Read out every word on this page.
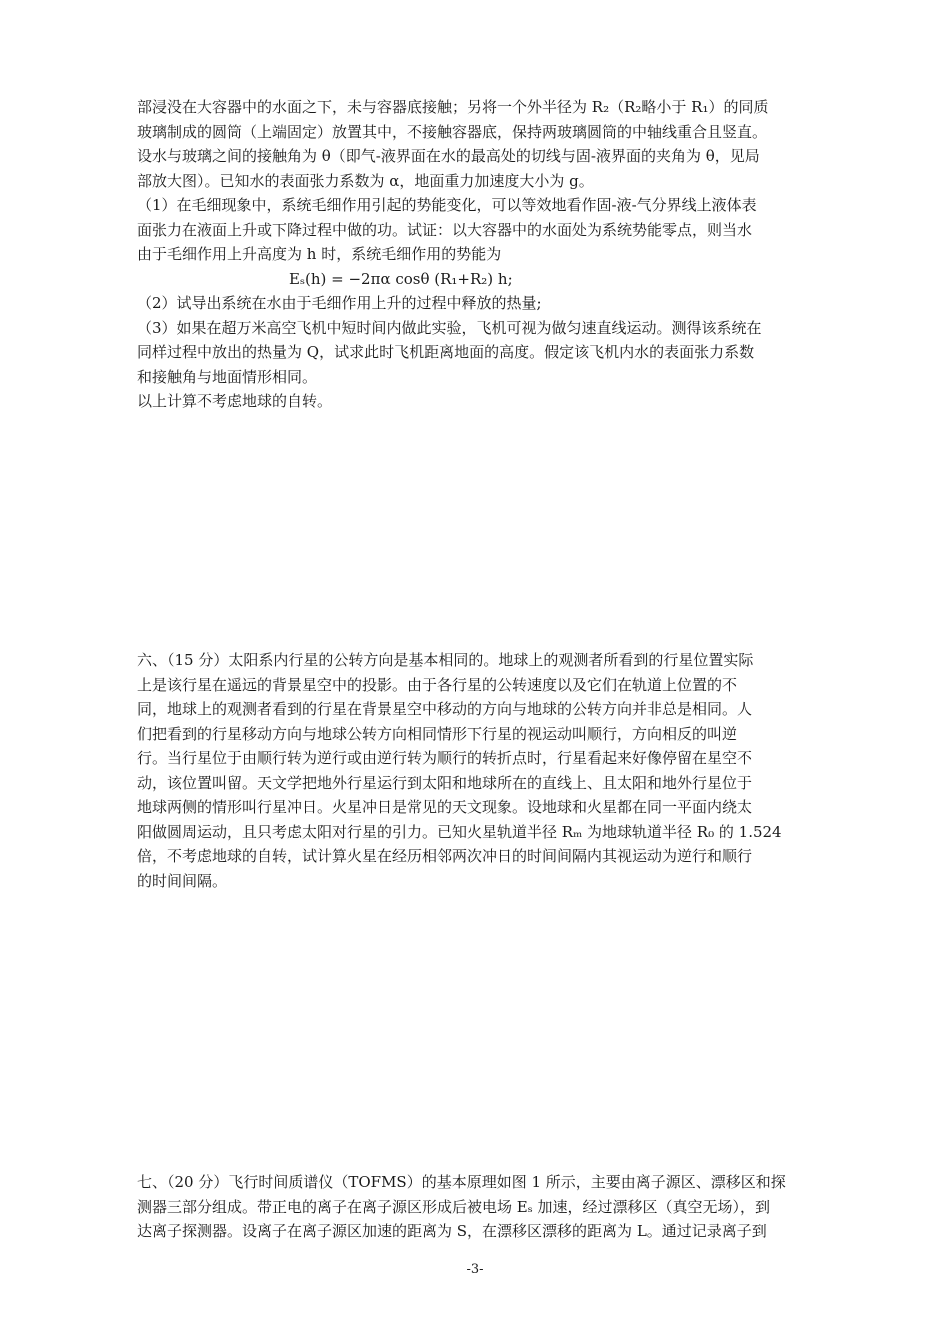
部浸没在大容器中的水面之下，未与容器底接触；另将一个外半径为 R₂（R₂略小于 R₁）的同质
玻璃制成的圆筒（上端固定）放置其中，不接触容器底，保持两玻璃圆筒的中轴线重合且竖直。
设水与玻璃之间的接触角为 θ（即气-液界面在水的最高处的切线与固-液界面的夹角为 θ，见局
部放大图）。已知水的表面张力系数为 α，地面重力加速度大小为 g。
（1）在毛细现象中，系统毛细作用引起的势能变化，可以等效地看作固-液-气分界线上液体表
面张力在液面上升或下降过程中做的功。试证：以大容器中的水面处为系统势能零点，则当水
由于毛细作用上升高度为 h 时，系统毛细作用的势能为
Eₛ(h) = −2πα cosθ (R₁+R₂) h;
（2）试导出系统在水由于毛细作用上升的过程中释放的热量;
（3）如果在超万米高空飞机中短时间内做此实验，飞机可视为做匀速直线运动。测得该系统在
同样过程中放出的热量为 Q，试求此时飞机距离地面的高度。假定该飞机内水的表面张力系数
和接触角与地面情形相同。
以上计算不考虑地球的自转。
六、（15 分）太阳系内行星的公转方向是基本相同的。地球上的观测者所看到的行星位置实际
上是该行星在遥远的背景星空中的投影。由于各行星的公转速度以及它们在轨道上位置的不
同，地球上的观测者看到的行星在背景星空中移动的方向与地球的公转方向并非总是相同。人
们把看到的行星移动方向与地球公转方向相同情形下行星的视运动叫顺行，方向相反的叫逆
行。当行星位于由顺行转为逆行或由逆行转为顺行的转折点时，行星看起来好像停留在星空不
动，该位置叫留。天文学把地外行星运行到太阳和地球所在的直线上、且太阳和地外行星位于
地球两侧的情形叫行星冲日。火星冲日是常见的天文现象。设地球和火星都在同一平面内绕太
阳做圆周运动，且只考虑太阳对行星的引力。已知火星轨道半径 Rₘ 为地球轨道半径 R₀ 的 1.524
倍，不考虑地球的自转，试计算火星在经历相邻两次冲日的时间间隔内其视运动为逆行和顺行
的时间间隔。
七、（20 分）飞行时间质谱仪（TOFMS）的基本原理如图 1 所示，主要由离子源区、漂移区和探
测器三部分组成。带正电的离子在离子源区形成后被电场 Eₛ 加速，经过漂移区（真空无场），到
达离子探测器。设离子在离子源区加速的距离为 S，在漂移区漂移的距离为 L。通过记录离子到
-3-
